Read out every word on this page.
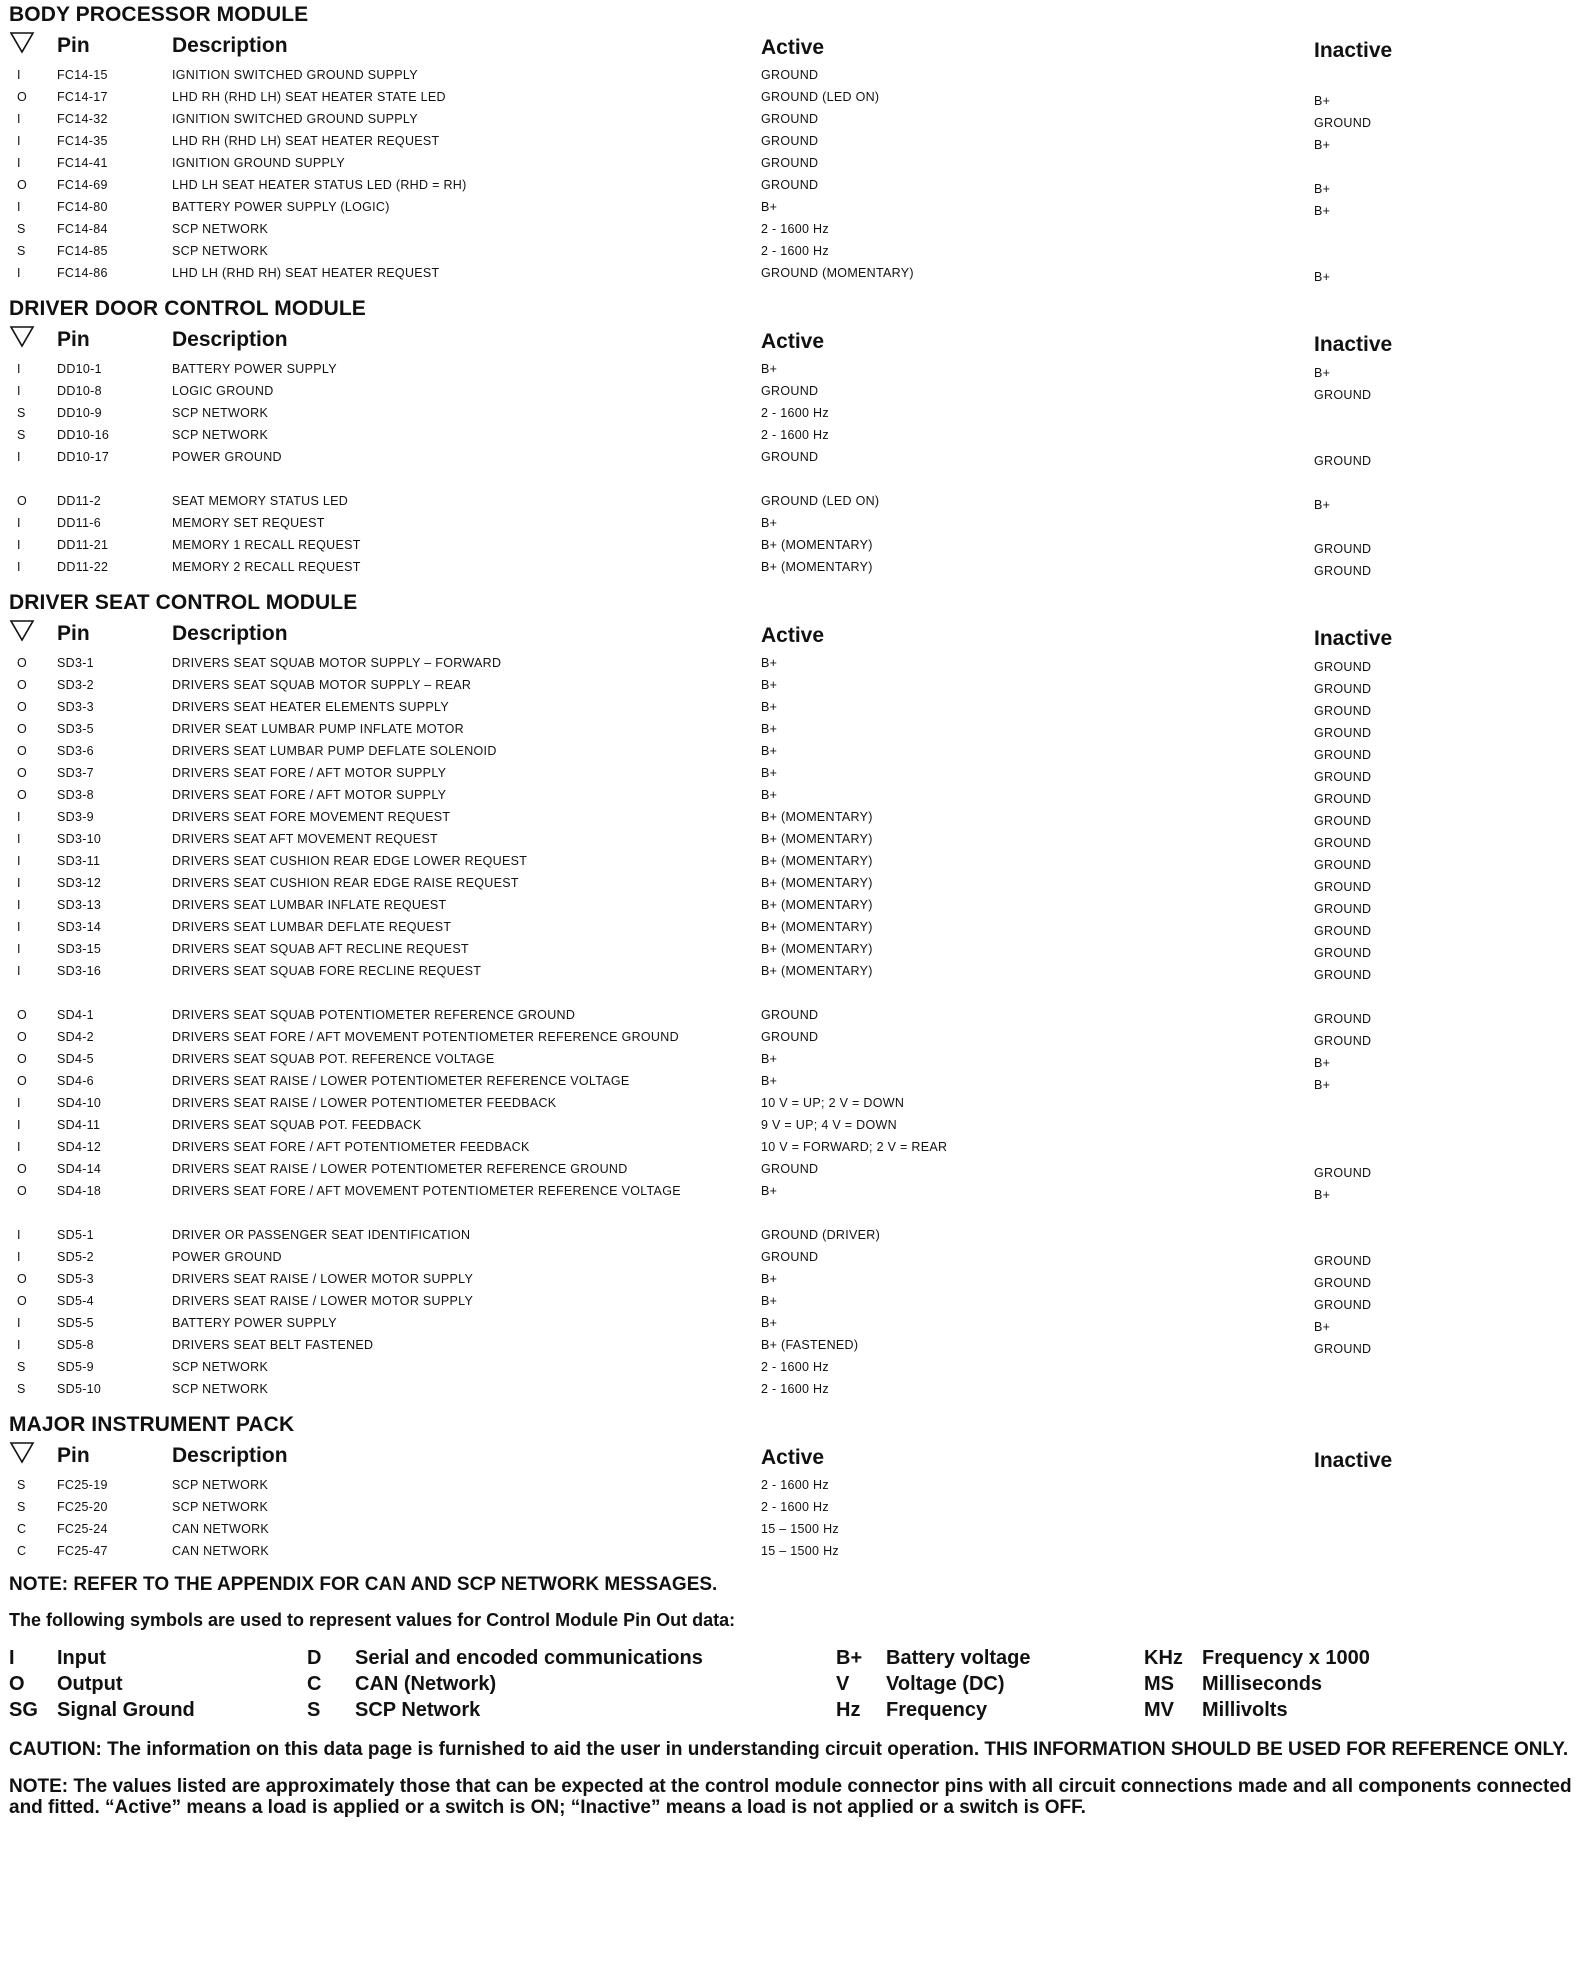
BODY PROCESSOR MODULE
Pin	Description	Active	Inactive
I	FC14-15	IGNITION SWITCHED GROUND SUPPLY	GROUND
O	FC14-17	LHD RH (RHD LH) SEAT HEATER STATE LED	GROUND (LED ON)	B+
I	FC14-32	IGNITION SWITCHED GROUND SUPPLY	GROUND	GROUND
I	FC14-35	LHD RH (RHD LH) SEAT HEATER REQUEST	GROUND	B+
I	FC14-41	IGNITION GROUND SUPPLY	GROUND
O	FC14-69	LHD LH SEAT HEATER STATUS LED (RHD = RH)	GROUND	B+
I	FC14-80	BATTERY POWER SUPPLY (LOGIC)	B+	B+
S	FC14-84	SCP NETWORK	2 - 1600 Hz
S	FC14-85	SCP NETWORK	2 - 1600 Hz
I	FC14-86	LHD LH (RHD RH) SEAT HEATER REQUEST	GROUND (MOMENTARY)	B+
DRIVER DOOR CONTROL MODULE
Pin	Description	Active	Inactive
I	DD10-1	BATTERY POWER SUPPLY	B+	B+
I	DD10-8	LOGIC GROUND	GROUND	GROUND
S	DD10-9	SCP NETWORK	2 - 1600 Hz
S	DD10-16	SCP NETWORK	2 - 1600 Hz
I	DD10-17	POWER GROUND	GROUND	GROUND
O	DD11-2	SEAT MEMORY STATUS LED	GROUND (LED ON)	B+
I	DD11-6	MEMORY SET REQUEST	B+
I	DD11-21	MEMORY 1 RECALL REQUEST	B+ (MOMENTARY)	GROUND
I	DD11-22	MEMORY 2 RECALL REQUEST	B+ (MOMENTARY)	GROUND
DRIVER SEAT CONTROL MODULE
Pin	Description	Active	Inactive
O	SD3-1	DRIVERS SEAT SQUAB MOTOR SUPPLY – FORWARD	B+	GROUND
O	SD3-2	DRIVERS SEAT SQUAB MOTOR SUPPLY – REAR	B+	GROUND
O	SD3-3	DRIVERS SEAT HEATER ELEMENTS SUPPLY	B+	GROUND
O	SD3-5	DRIVER SEAT LUMBAR PUMP INFLATE MOTOR	B+	GROUND
O	SD3-6	DRIVERS SEAT LUMBAR PUMP DEFLATE SOLENOID	B+	GROUND
O	SD3-7	DRIVERS SEAT FORE / AFT MOTOR SUPPLY	B+	GROUND
O	SD3-8	DRIVERS SEAT FORE / AFT MOTOR SUPPLY	B+	GROUND
I	SD3-9	DRIVERS SEAT FORE MOVEMENT REQUEST	B+ (MOMENTARY)	GROUND
I	SD3-10	DRIVERS SEAT AFT MOVEMENT REQUEST	B+ (MOMENTARY)	GROUND
I	SD3-11	DRIVERS SEAT CUSHION REAR EDGE LOWER REQUEST	B+ (MOMENTARY)	GROUND
I	SD3-12	DRIVERS SEAT CUSHION REAR EDGE RAISE REQUEST	B+ (MOMENTARY)	GROUND
I	SD3-13	DRIVERS SEAT LUMBAR INFLATE REQUEST	B+ (MOMENTARY)	GROUND
I	SD3-14	DRIVERS SEAT LUMBAR DEFLATE REQUEST	B+ (MOMENTARY)	GROUND
I	SD3-15	DRIVERS SEAT SQUAB AFT RECLINE REQUEST	B+ (MOMENTARY)	GROUND
I	SD3-16	DRIVERS SEAT SQUAB FORE RECLINE REQUEST	B+ (MOMENTARY)	GROUND
O	SD4-1	DRIVERS SEAT SQUAB POTENTIOMETER REFERENCE GROUND	GROUND	GROUND
O	SD4-2	DRIVERS SEAT FORE / AFT MOVEMENT POTENTIOMETER REFERENCE GROUND	GROUND	GROUND
O	SD4-5	DRIVERS SEAT SQUAB POT. REFERENCE VOLTAGE	B+	B+
O	SD4-6	DRIVERS SEAT RAISE / LOWER POTENTIOMETER REFERENCE VOLTAGE	B+	B+
I	SD4-10	DRIVERS SEAT RAISE / LOWER POTENTIOMETER FEEDBACK	10 V = UP; 2 V = DOWN
I	SD4-11	DRIVERS SEAT SQUAB POT. FEEDBACK	9 V = UP; 4 V = DOWN
I	SD4-12	DRIVERS SEAT FORE / AFT POTENTIOMETER FEEDBACK	10 V = FORWARD; 2 V = REAR
O	SD4-14	DRIVERS SEAT RAISE / LOWER POTENTIOMETER REFERENCE GROUND	GROUND	GROUND
O	SD4-18	DRIVERS SEAT FORE / AFT MOVEMENT POTENTIOMETER REFERENCE VOLTAGE	B+	B+
I	SD5-1	DRIVER OR PASSENGER SEAT IDENTIFICATION	GROUND (DRIVER)
I	SD5-2	POWER GROUND	GROUND	GROUND
O	SD5-3	DRIVERS SEAT RAISE / LOWER MOTOR SUPPLY	B+	GROUND
O	SD5-4	DRIVERS SEAT RAISE / LOWER MOTOR SUPPLY	B+	GROUND
I	SD5-5	BATTERY POWER SUPPLY	B+	B+
I	SD5-8	DRIVERS SEAT BELT FASTENED	B+ (FASTENED)	GROUND
S	SD5-9	SCP NETWORK	2 - 1600 Hz
S	SD5-10	SCP NETWORK	2 - 1600 Hz
MAJOR INSTRUMENT PACK
Pin	Description	Active	Inactive
S	FC25-19	SCP NETWORK	2 - 1600 Hz
S	FC25-20	SCP NETWORK	2 - 1600 Hz
C	FC25-24	CAN NETWORK	15 – 1500 Hz
C	FC25-47	CAN NETWORK	15 – 1500 Hz

NOTE: REFER TO THE APPENDIX FOR CAN AND SCP NETWORK MESSAGES.

The following symbols are used to represent values for Control Module Pin Out data:

I Input
O Output
SG Signal Ground
D Serial and encoded communications
C CAN (Network)
S SCP Network
B+ Battery voltage
V Voltage (DC)
Hz Frequency
KHz Frequency x 1000
MS Milliseconds
MV Millivolts

CAUTION: The information on this data page is furnished to aid the user in understanding circuit operation. THIS INFORMATION SHOULD BE USED FOR REFERENCE ONLY.

NOTE: The values listed are approximately those that can be expected at the control module connector pins with all circuit connections made and all components connected and fitted. “Active” means a load is applied or a switch is ON; “Inactive” means a load is not applied or a switch is OFF.
